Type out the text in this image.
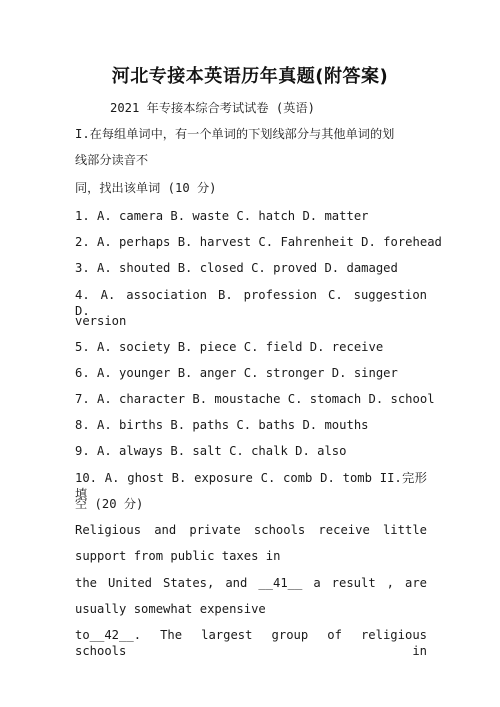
河北专接本英语历年真题(附答案)
2021 年专接本综合考试试卷 (英语)
I.在每组单词中，有一个单词的下划线部分与其他单词的划
线部分读音不
同，找出该单词 (10 分)
1. A. camera B. waste C. hatch D. matter
2. A. perhaps B. harvest C. Fahrenheit D. forehead
3. A. shouted B. closed C. proved D. damaged
4. A. association B. profession C. suggestion D.
version
5. A. society B. piece C. field D. receive
6. A. younger B. anger C. stronger D. singer
7. A. character B. moustache C. stomach D. school
8. A. births B. paths C. baths D. mouths
9. A. always B. salt C. chalk D. also
10. A. ghost B. exposure C. comb D. tomb II.完形填
空 (20 分)
Religious and private schools receive little
support from public taxes in
the United States, and __41__ a result , are
usually somewhat expensive
to__42__. The largest group of religious schools in
